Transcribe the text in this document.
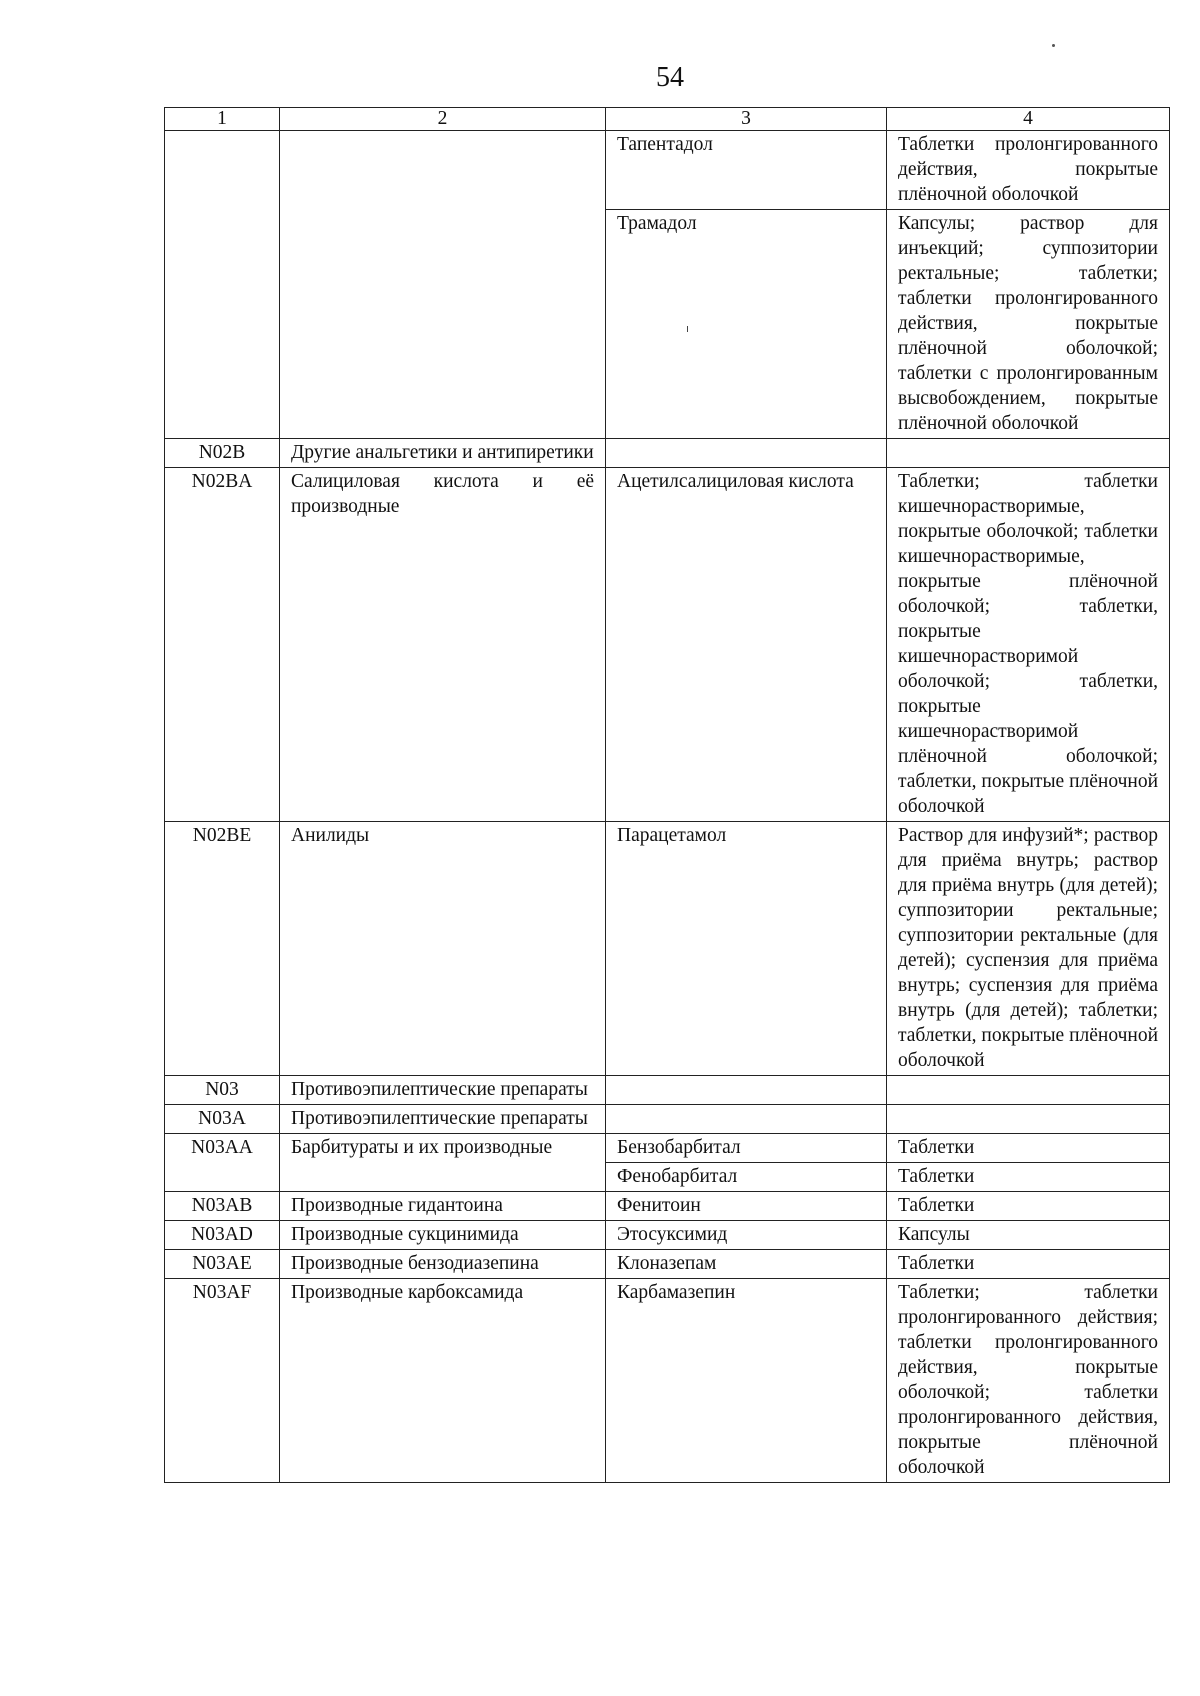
54
1	2	3	4
		Тапентадол	Таблетки пролонгированного действия, покрытые плёночной оболочкой
		Трамадол	Капсулы; раствор для инъекций; суппозитории ректальные; таблетки; таблетки пролонгированного действия, покрытые плёночной оболочкой; таблетки с пролонгированным высвобождением, покрытые плёночной оболочкой
N02B	Другие анальгетики и антипиретики		
N02BA	Салициловая кислота и её производные	Ацетилсалициловая кислота	Таблетки; таблетки кишечнорастворимые, покрытые оболочкой; таблетки кишечнорастворимые, покрытые плёночной оболочкой; таблетки, покрытые кишечнорастворимой оболочкой; таблетки, покрытые кишечнорастворимой плёночной оболочкой; таблетки, покрытые плёночной оболочкой
N02BE	Анилиды	Парацетамол	Раствор для инфузий*; раствор для приёма внутрь; раствор для приёма внутрь (для детей); суппозитории ректальные; суппозитории ректальные (для детей); суспензия для приёма внутрь; суспензия для приёма внутрь (для детей); таблетки; таблетки, покрытые плёночной оболочкой
N03	Противоэпилептические препараты		
N03A	Противоэпилептические препараты		
N03AA	Барбитураты и их производные	Бензобарбитал	Таблетки
		Фенобарбитал	Таблетки
N03AB	Производные гидантоина	Фенитоин	Таблетки
N03AD	Производные сукцинимида	Этосуксимид	Капсулы
N03AE	Производные бензодиазепина	Клоназепам	Таблетки
N03AF	Производные карбоксамида	Карбамазепин	Таблетки; таблетки пролонгированного действия; таблетки пролонгированного действия, покрытые оболочкой; таблетки пролонгированного действия, покрытые плёночной оболочкой
